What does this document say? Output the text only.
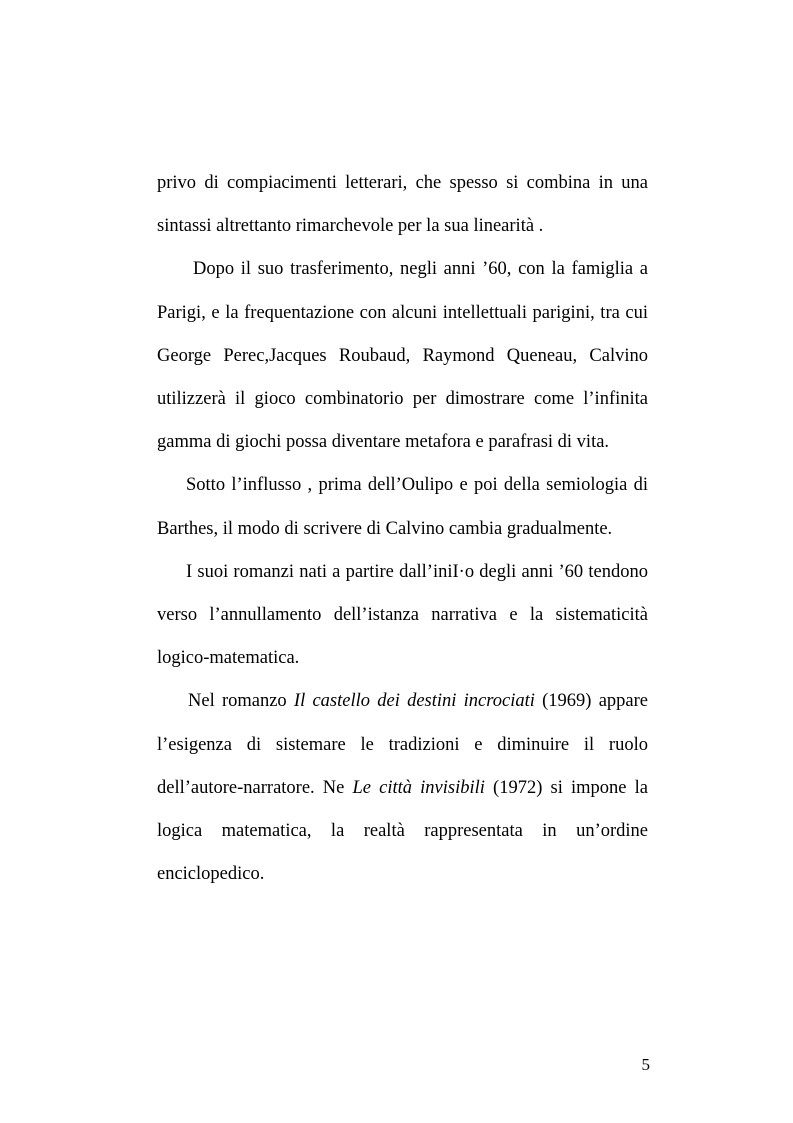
privo di compiacimenti letterari, che spesso si combina in una sintassi altrettanto rimarchevole per la sua linearità .

Dopo il suo trasferimento, negli anni ’60, con la famiglia a Parigi, e la frequentazione con alcuni intellettuali parigini, tra cui George Perec,Jacques Roubaud, Raymond Queneau, Calvino utilizzerà il gioco combinatorio per dimostrare come l’infinita gamma di giochi possa diventare metafora e parafrasi di vita.

Sotto l’influsso , prima dell’Oulipo e poi della semiologia di Barthes, il modo di scrivere di Calvino cambia gradualmente.

I suoi romanzi nati a partire dall’iniI·o degli anni ’60 tendono verso l’annullamento dell’istanza narrativa e la sistematicità logico-matematica.

Nel romanzo Il castello dei destini incrociati (1969) appare l’esigenza di sistemare le tradizioni e diminuire il ruolo dell’autore-narratore. Ne Le città invisibili (1972) si impone la logica matematica, la realtà rappresentata in un’ordine enciclopedico.

5
